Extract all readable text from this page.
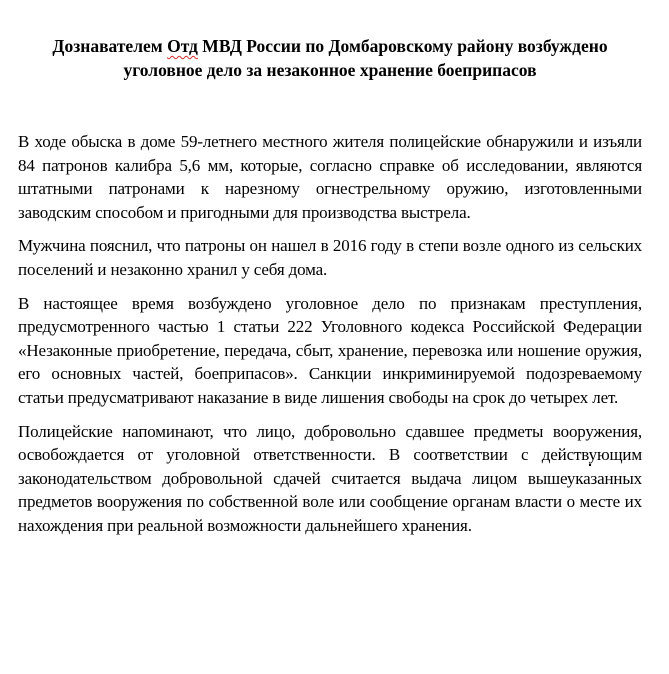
Дознавателем Отд МВД России по Домбаровскому району возбуждено уголовное дело за незаконное хранение боеприпасов

В ходе обыска в доме 59-летнего местного жителя полицейские обнаружили и изъяли 84 патронов калибра 5,6 мм, которые, согласно справке об исследовании, являются штатными патронами к нарезному огнестрельному оружию, изготовленными заводским способом и пригодными для производства выстрела.

Мужчина пояснил, что патроны он нашел в 2016 году в степи возле одного из сельских поселений и незаконно хранил у себя дома.

В настоящее время возбуждено уголовное дело по признакам преступления, предусмотренного частью 1 статьи 222 Уголовного кодекса Российской Федерации «Незаконные приобретение, передача, сбыт, хранение, перевозка или ношение оружия, его основных частей, боеприпасов». Санкции инкриминируемой подозреваемому статьи предусматривают наказание в виде лишения свободы на срок до четырех лет.

Полицейские напоминают, что лицо, добровольно сдавшее предметы вооружения, освобождается от уголовной ответственности. В соответствии с действующим законодательством добровольной сдачей считается выдача лицом вышеуказанных предметов вооружения по собственной воле или сообщение органам власти о месте их нахождения при реальной возможности дальнейшего хранения.
